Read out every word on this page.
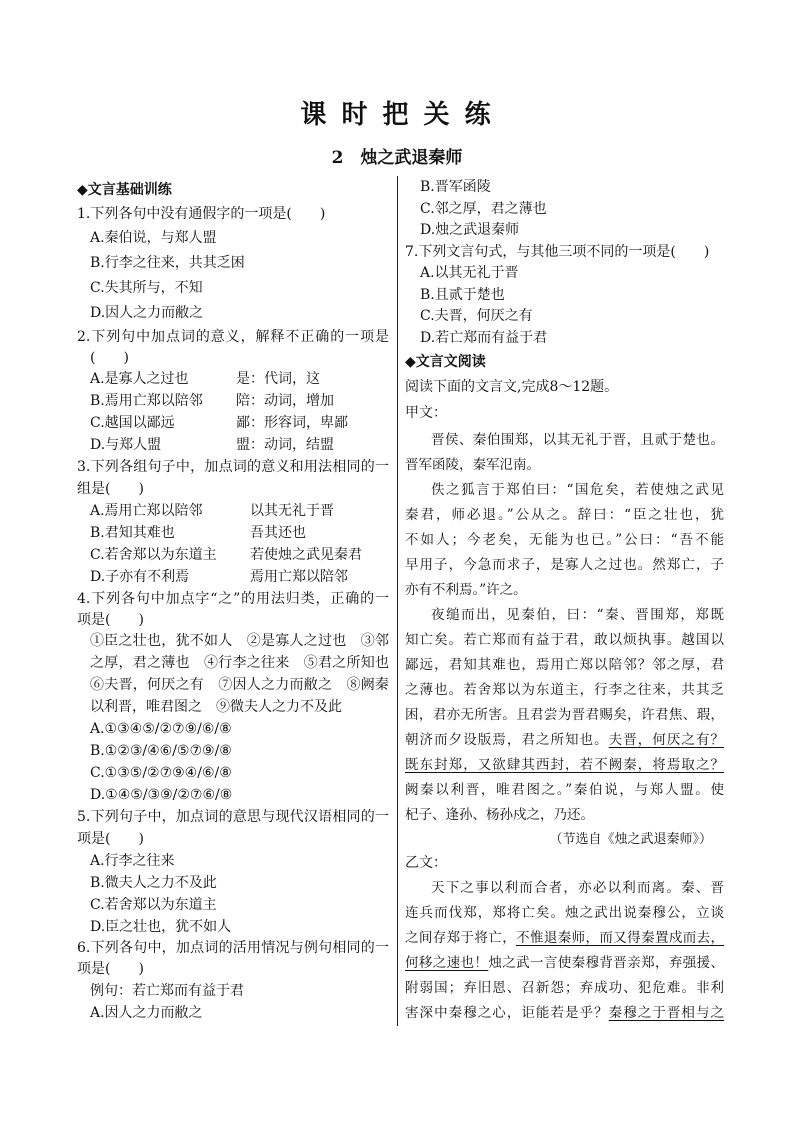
课 时 把 关 练
2　烛之武退秦师
◆文言基础训练
1.下列各句中没有通假字的一项是(　　)
A.秦伯说，与郑人盟
B.行李之往来，共其乏困
C.失其所与，不知
D.因人之力而敝之
2.下列句中加点词的意义，解释不正确的一项是
(　　)
A.是寡人之过也	是：代词，这
B.焉用亡郑以陪邻 陪：动词，增加
C.越国以鄙远	鄙：形容词，卑鄙
D.与郑人盟	盟：动词，结盟
3.下列各组句子中，加点词的意义和用法相同的一
组是(　　)
A.焉用亡郑以陪邻	以其无礼于晋
B.君知其难也	吾其还也
C.若舍郑以为东道主 若使烛之武见秦君
D.子亦有不利焉	焉用亡郑以陪邻
4.下列各句中加点字“之”的用法归类，正确的一
项是(　　)
①臣之壮也，犹不如人　②是寡人之过也　③邻
之厚，君之薄也　④行李之往来　⑤君之所知也
⑥夫晋，何厌之有　⑦因人之力而敝之　⑧阙秦
以利晋，唯君图之　⑨微夫人之力不及此
A.①③④⑤/②⑦⑨/⑥/⑧
B.①②③/④⑥/⑤⑦⑨/⑧
C.①③⑤/②⑦⑨④/⑥/⑧
D.①④⑤/③⑨/②⑦⑥/⑧
5.下列句子中，加点词的意思与现代汉语相同的一
项是(　　)
A.行李之往来
B.微夫人之力不及此
C.若舍郑以为东道主
D.臣之壮也，犹不如人
6.下列各句中，加点词的活用情况与例句相同的一
项是(　　)
例句：若亡郑而有益于君
A.因人之力而敝之
B.晋军函陵
C.邻之厚，君之薄也
D.烛之武退秦师
7.下列文言句式，与其他三项不同的一项是(　　)
A.以其无礼于晋
B.且贰于楚也
C.夫晋，何厌之有
D.若亡郑而有益于君
◆文言文阅读
阅读下面的文言文,完成8～12题。
甲文：
晋侯、秦伯围郑，以其无礼于晋，且贰于楚也。
晋军函陵，秦军氾南。
佚之狐言于郑伯曰：“国危矣，若使烛之武见
秦君，师必退。”公从之。辞曰：“臣之壮也，犹
不如人；今老矣，无能为也已。”公曰：“吾不能
早用子，今急而求子，是寡人之过也。然郑亡，子
亦有不利焉。”许之。
夜缒而出，见秦伯，曰：“秦、晋围郑，郑既
知亡矣。若亡郑而有益于君，敢以烦执事。越国以
鄙远，君知其难也，焉用亡郑以陪邻？邻之厚，君
之薄也。若舍郑以为东道主，行李之往来，共其乏
困，君亦无所害。且君尝为晋君赐矣，许君焦、瑕，
朝济而夕设版焉，君之所知也。夫晋，何厌之有？
既东封郑，又欲肆其西封，若不阙秦，将焉取之？
阙秦以利晋，唯君图之。”秦伯说，与郑人盟。使
杞子、逢孙、杨孙戍之，乃还。
（节选自《烛之武退秦师》）
乙文：
天下之事以利而合者，亦必以利而离。秦、晋
连兵而伐郑，郑将亡矣。烛之武出说秦穆公，立谈
之间存郑于将亡，不惟退秦师，而又得秦置戍而去，
何移之速也！烛之武一言使秦穆背晋亲郑，弃强援、
附弱国；弃旧恩、召新怨；弃成功、犯危难。非利
害深中秦穆之心，讵能若是乎？秦穆之于晋相与之
